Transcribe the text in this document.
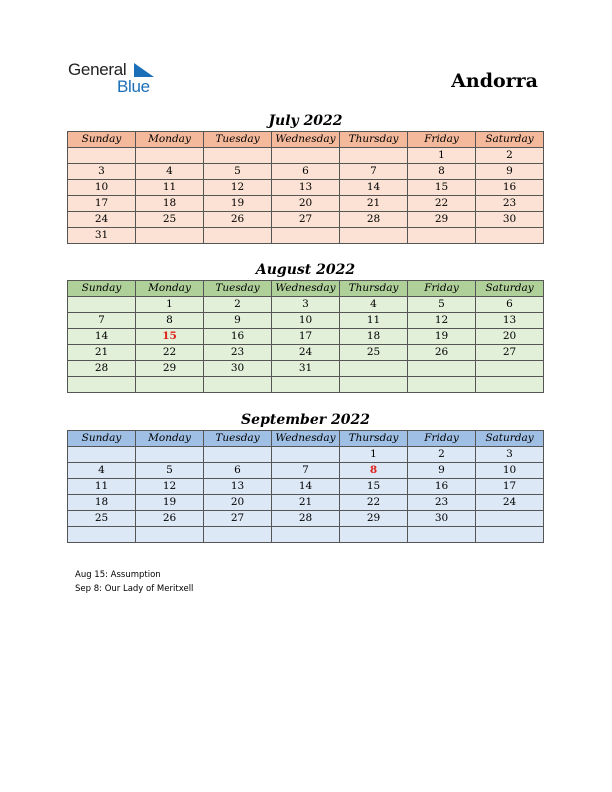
General
Blue	Andorra
July 2022
Sunday	Monday	Tuesday	Wednesday	Thursday	Friday	Saturday
					1	2
3	4	5	6	7	8	9
10	11	12	13	14	15	16
17	18	19	20	21	22	23
24	25	26	27	28	29	30
31						
August 2022
Sunday	Monday	Tuesday	Wednesday	Thursday	Friday	Saturday
	1	2	3	4	5	6
7	8	9	10	11	12	13
14	15	16	17	18	19	20
21	22	23	24	25	26	27
28	29	30	31			

September 2022
Sunday	Monday	Tuesday	Wednesday	Thursday	Friday	Saturday
				1	2	3
4	5	6	7	8	9	10
11	12	13	14	15	16	17
18	19	20	21	22	23	24
25	26	27	28	29	30	

Aug 15: Assumption
Sep 8: Our Lady of Meritxell
